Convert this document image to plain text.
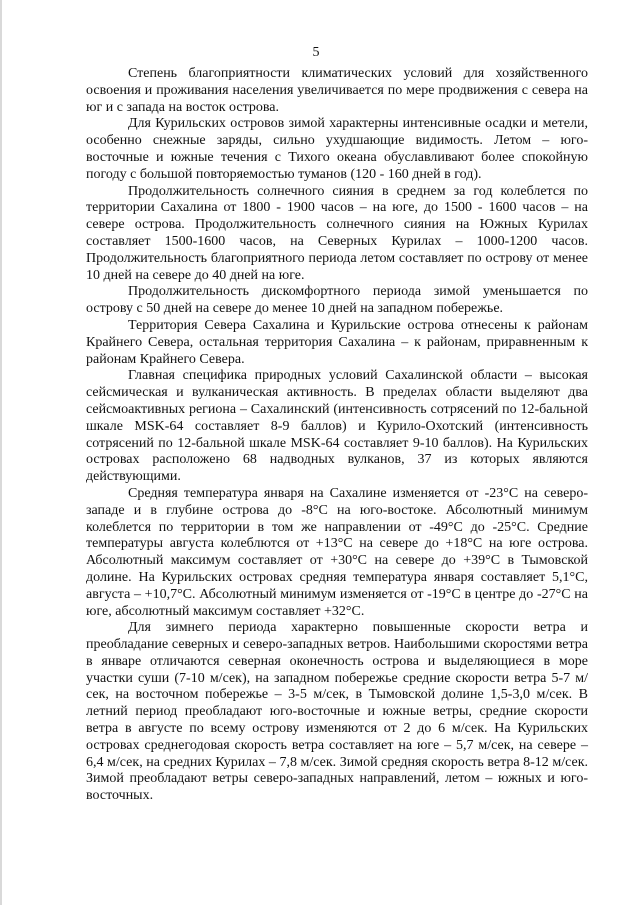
5

Степень благоприятности климатических условий для хозяйственного освоения и проживания населения увеличивается по мере продвижения с севера на юг и с запада на восток острова.

Для Курильских островов зимой характерны интенсивные осадки и метели, особенно снежные заряды, сильно ухудшающие видимость. Летом – юго-восточные и южные течения с Тихого океана обуславливают более спокойную погоду с большой повторяемостью туманов (120 - 160 дней в год).

Продолжительность солнечного сияния в среднем за год колеблется по территории Сахалина от 1800 - 1900 часов – на юге, до 1500 - 1600 часов – на севере острова. Продолжительность солнечного сияния на Южных Курилах составляет 1500-1600 часов, на Северных Курилах – 1000-1200 часов. Продолжительность благоприятного периода летом составляет по острову от менее 10 дней на севере до 40 дней на юге.

Продолжительность дискомфортного периода зимой уменьшается по острову с 50 дней на севере до менее 10 дней на западном побережье.

Территория Севера Сахалина и Курильские острова отнесены к районам Крайнего Севера, остальная территория Сахалина – к районам, приравненным к районам Крайнего Севера.

Главная специфика природных условий Сахалинской области – высокая сейсмическая и вулканическая активность. В пределах области выделяют два сейсмоактивных региона – Сахалинский (интенсивность сотрясений по 12-бальной шкале MSK-64 составляет 8-9 баллов) и Курило-Охотский (интенсивность сотрясений по 12-бальной шкале MSK-64 составляет 9-10 баллов). На Курильских островах расположено 68 надводных вулканов, 37 из которых являются действующими.

Средняя температура января на Сахалине изменяется от -23°С на северо-западе и в глубине острова до -8°С на юго-востоке. Абсолютный минимум колеблется по территории в том же направлении от -49°С до -25°С. Средние температуры августа колеблются от +13°С на севере до +18°С на юге острова. Абсолютный максимум составляет от +30°С на севере до +39°С в Тымовской долине. На Курильских островах средняя температура января составляет 5,1°С, августа – +10,7°С. Абсолютный минимум изменяется от -19°С в центре до -27°С на юге, абсолютный максимум составляет +32°С.

Для зимнего периода характерно повышенные скорости ветра и преобладание северных и северо-западных ветров. Наибольшими скоростями ветра в январе отличаются северная оконечность острова и выделяющиеся в море участки суши (7-10 м/сек), на западном побережье средние скорости ветра 5-7 м/сек, на восточном побережье – 3-5 м/сек, в Тымовской долине 1,5-3,0 м/сек. В летний период преобладают юго-восточные и южные ветры, средние скорости ветра в августе по всему острову изменяются от 2 до 6 м/сек. На Курильских островах среднегодовая скорость ветра составляет на юге – 5,7 м/сек, на севере – 6,4 м/сек, на средних Курилах – 7,8 м/сек. Зимой средняя скорость ветра 8-12 м/сек. Зимой преобладают ветры северо-западных направлений, летом – южных и юго-восточных.
